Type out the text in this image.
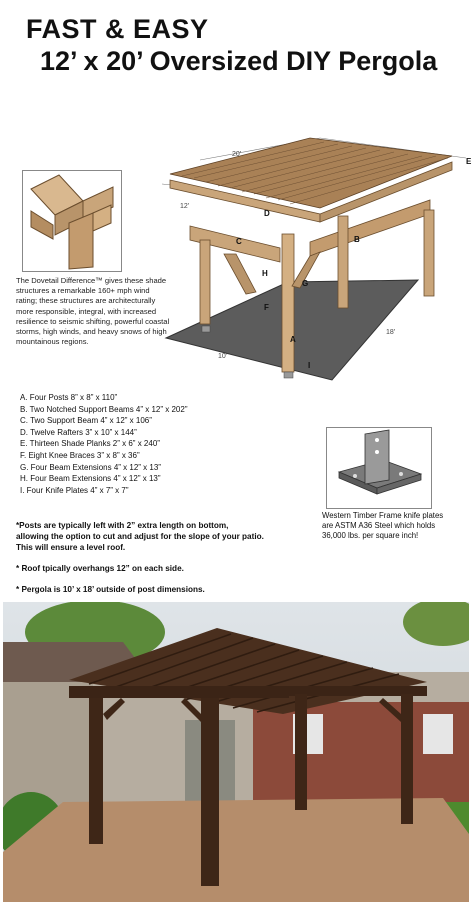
FAST & EASY
12’ x 20’ Oversized DIY Pergola
The Dovetail Difference™ gives these shade structures a remarkable 160+ mph wind rating; these structures are architecturally more responsible, integral, with increased resilience to seismic shifting, powerful coastal storms, high winds, and heavy snows of high mountainous regions.
20'
12'
18'
10'
A
B
C
D
E
F
G
H
I
A. Four Posts 8” x 8” x 110”
B. Two Notched Support Beams 4” x 12” x 202”
C. Two Support Beam 4” x 12” x 106”
D. Twelve Rafters 3” x 10” x 144”
E. Thirteen Shade Planks 2” x 6” x 240”
F. Eight Knee Braces 3” x 8” x 36”
G. Four Beam Extensions 4” x 12” x 13”
H. Four Beam Extensions 4” x 12” x 13”
I. Four Knife Plates 4” x 7” x 7”
Western Timber Frame knife plates are ASTM A36 Steel which holds 36,000 lbs. per square inch!
*Posts are typically left with 2” extra length on bottom,
allowing the option to cut and adjust for the slope of your patio.
This will ensure a level roof.
* Roof tpically overhangs 12” on each side.
* Pergola is 10’ x 18’ outside of post dimensions.
